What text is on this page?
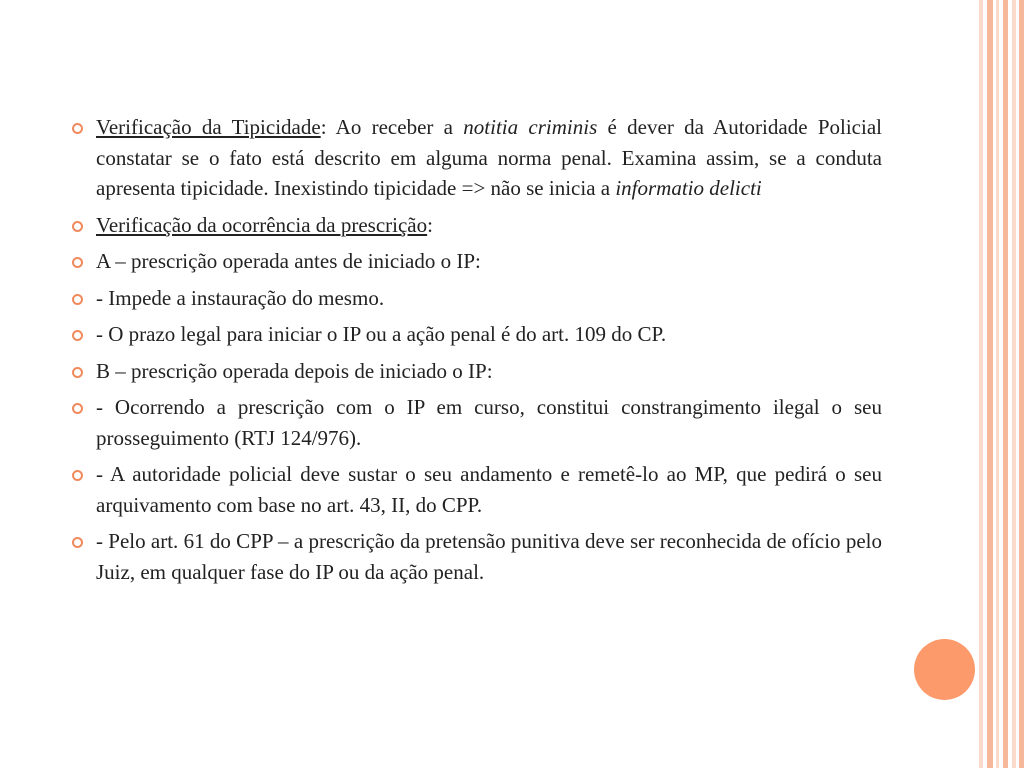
Verificação da Tipicidade: Ao receber a notitia criminis é dever da Autoridade Policial constatar se o fato está descrito em alguma norma penal. Examina assim, se a conduta apresenta tipicidade. Inexistindo tipicidade => não se inicia a informatio delicti
Verificação da ocorrência da prescrição:
A – prescrição operada antes de iniciado o IP:
- Impede a instauração do mesmo.
- O prazo legal para iniciar o IP ou a ação penal é do art. 109 do CP.
B – prescrição operada depois de iniciado o IP:
- Ocorrendo a prescrição com o IP em curso, constitui constrangimento ilegal o seu prosseguimento (RTJ 124/976).
- A autoridade policial deve sustar o seu andamento e remetê-lo ao MP, que pedirá o seu arquivamento com base no art. 43, II, do CPP.
- Pelo art. 61 do CPP – a prescrição da pretensão punitiva deve ser reconhecida de ofício pelo Juiz, em qualquer fase do IP ou da ação penal.
